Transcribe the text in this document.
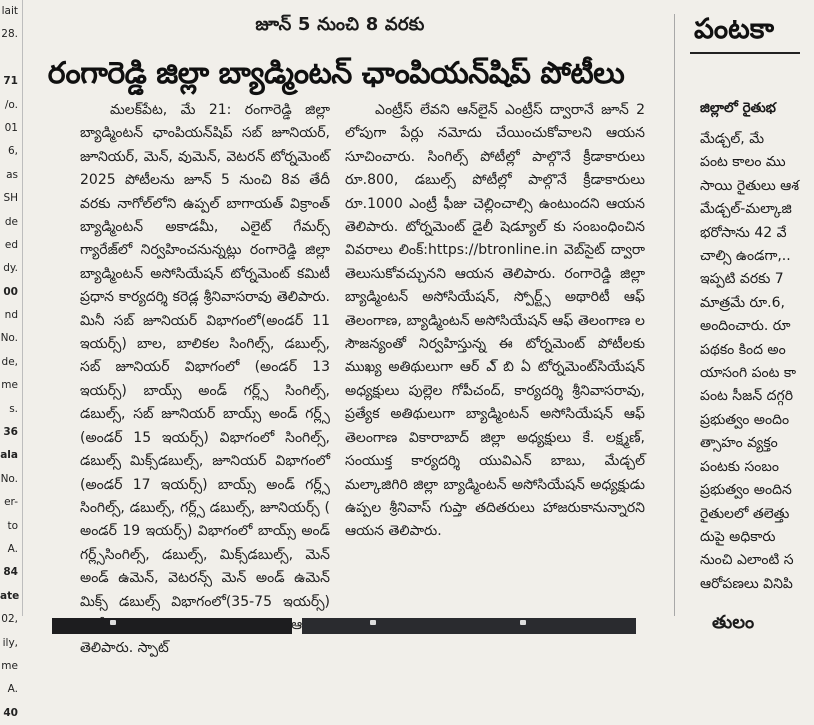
lait
28.
71
/o.
01
6,
as
SH
de
ed
dy.
00
nd
No.
de,
me
s.
36
ala
No.
er-
to
A.
84
ate
02,
ily,
me
A.
40
జూన్ 5 నుంచి 8 వరకు
రంగారెడ్డి జిల్లా బ్యాడ్మింటన్ ఛాంపియన్‌షిప్ పోటీలు

మలక్‌పేట, మే 21: రంగారెడ్డి జిల్లా బ్యాడ్మింటన్ ఛాంపియన్‌షిప్ సబ్ జూనియర్, జూనియర్, మెన్, వుమెన్, వెటరన్ టోర్నమెంట్ 2025 పోటీలను జూన్ 5 నుంచి 8వ తేదీ వరకు నాగోల్‌లోని ఉప్పల్ బాగాయత్ విక్రాంత్ బ్యాడ్మింటన్ అకాడమీ, ఎలైట్ గేమర్స్ గ్యారేజ్‌లో నిర్వహించనున్నట్లు రంగారెడ్డి జిల్లా బ్యాడ్మింటన్ అసోసియేషన్ టోర్నమెంట్ కమిటీ ప్రధాన కార్యదర్శి కరెడ్ల శ్రీనివాసరావు తెలిపారు. మినీ సబ్ జూనియర్ విభాగంలో(అండర్ 11 ఇయర్స్) బాల, బాలికల సింగిల్స్, డబుల్స్, సబ్ జూనియర్ విభాగంలో (అండర్ 13 ఇయర్స్) బాయ్స్ అండ్ గర్ల్స్ సింగిల్స్, డబుల్స్, సబ్ జూనియర్ బాయ్స్ అండ్ గర్ల్స్ (అండర్ 15 ఇయర్స్) విభాగంలో సింగిల్స్, డబుల్స్ మిక్స్‌డబుల్స్, జూనియర్ విభాగంలో (అండర్ 17 ఇయర్స్) బాయ్స్ అండ్ గర్ల్స్ సింగిల్స్, డబుల్స్, గర్ల్స్ డబుల్స్, జూనియర్స్ ( అండర్ 19 ఇయర్స్) విభాగంలో బాయ్స్ అండ్ గర్ల్స్‌సింగిల్స్, డబుల్స్, మిక్స్‌డబుల్స్, మెన్ అండ్ ఉమెన్, వెటరన్స్ మెన్ అండ్ ఉమెన్ మిక్స్ డబుల్స్ విభాగంలో(35-75 ఇయర్స్) తెలిపారు. స్పాట్

ఎంట్రీస్ లేవని ఆన్‌లైన్ ఎంట్రీస్ ద్వారానే జూన్ 2 లోపుగా పేర్లు నమోదు చేయించుకోవాలని ఆయన సూచించారు. సింగిల్స్ పోటీల్లో పాల్గొనే క్రీడాకారులు రూ.800, డబుల్స్ పోటీల్లో పాల్గొనే క్రీడాకారులు రూ.1000 ఎంట్రీ ఫీజు చెల్లించాల్సి ఉంటుందని ఆయన తెలిపారు. టోర్నమెంట్ డైలీ షెడ్యూల్ కు సంబంధించిన వివరాలు లింక్:https://btronline.in వెబ్‌సైట్ ద్వారా తెలుసుకోవచ్చునని ఆయన తెలిపారు. రంగారెడ్డి జిల్లా బ్యాడ్మింటన్ అసోసియేషన్, స్పోర్ట్స్ అథారిటీ ఆఫ్ తెలంగాణ, బ్యాడ్మింటన్ అసోసియేషన్ ఆఫ్ తెలంగాణ ల సౌజన్యంతో నిర్వహిస్తున్న ఈ టోర్నమెంట్ పోటీలకు ముఖ్య అతిథులుగా ఆర్ ఎ్ బి ఏ టోర్నమెంట్‌సియేషన్ అధ్యక్షులు పుల్లెల గోపీచంద్, కార్యదర్శి శ్రీనివాసరావు, ప్రత్యేక అతిథులుగా బ్యాడ్మింటన్ అసోసియేషన్ ఆఫ్ తెలంగాణ వికారాబాద్ జిల్లా అధ్యక్షులు కే. లక్ష్మణ్, సంయుక్త కార్యదర్శి యువిఎన్ బాబు, మేడ్చల్ మల్కాజిగిరి జిల్లా బ్యాడ్మింటన్ అసోసియేషన్ అధ్యక్షుడు ఉప్పల శ్రీనివాస్ గుప్తా తదితరులు హాజరుకానున్నారని ఆయన తెలిపారు.

పంటకా
జిల్లాలో రైతుభ
మేడ్చల్, మే
పంట కాలం ము
సాయి రైతులు ఆశ
మేడ్చల్-మల్కాజి
భరోసాను 42 వే
చాల్సి ఉండగా,..
ఇప్పటి వరకు 7
మాత్రమే రూ.6,
అందించారు. రూ
పథకం కింద అం
యాసంగి పంట కా
పంట సీజన్ దగ్గరి
ప్రభుత్వం అందిం
త్సాహం వ్యక్తం
పంటకు సంబం
ప్రభుత్వం అందిన
రైతులలో తలెత్తు
దుపై అధికారు
నుంచి ఎలాంటి స
ఆరోపణలు వినిపి
తులం
